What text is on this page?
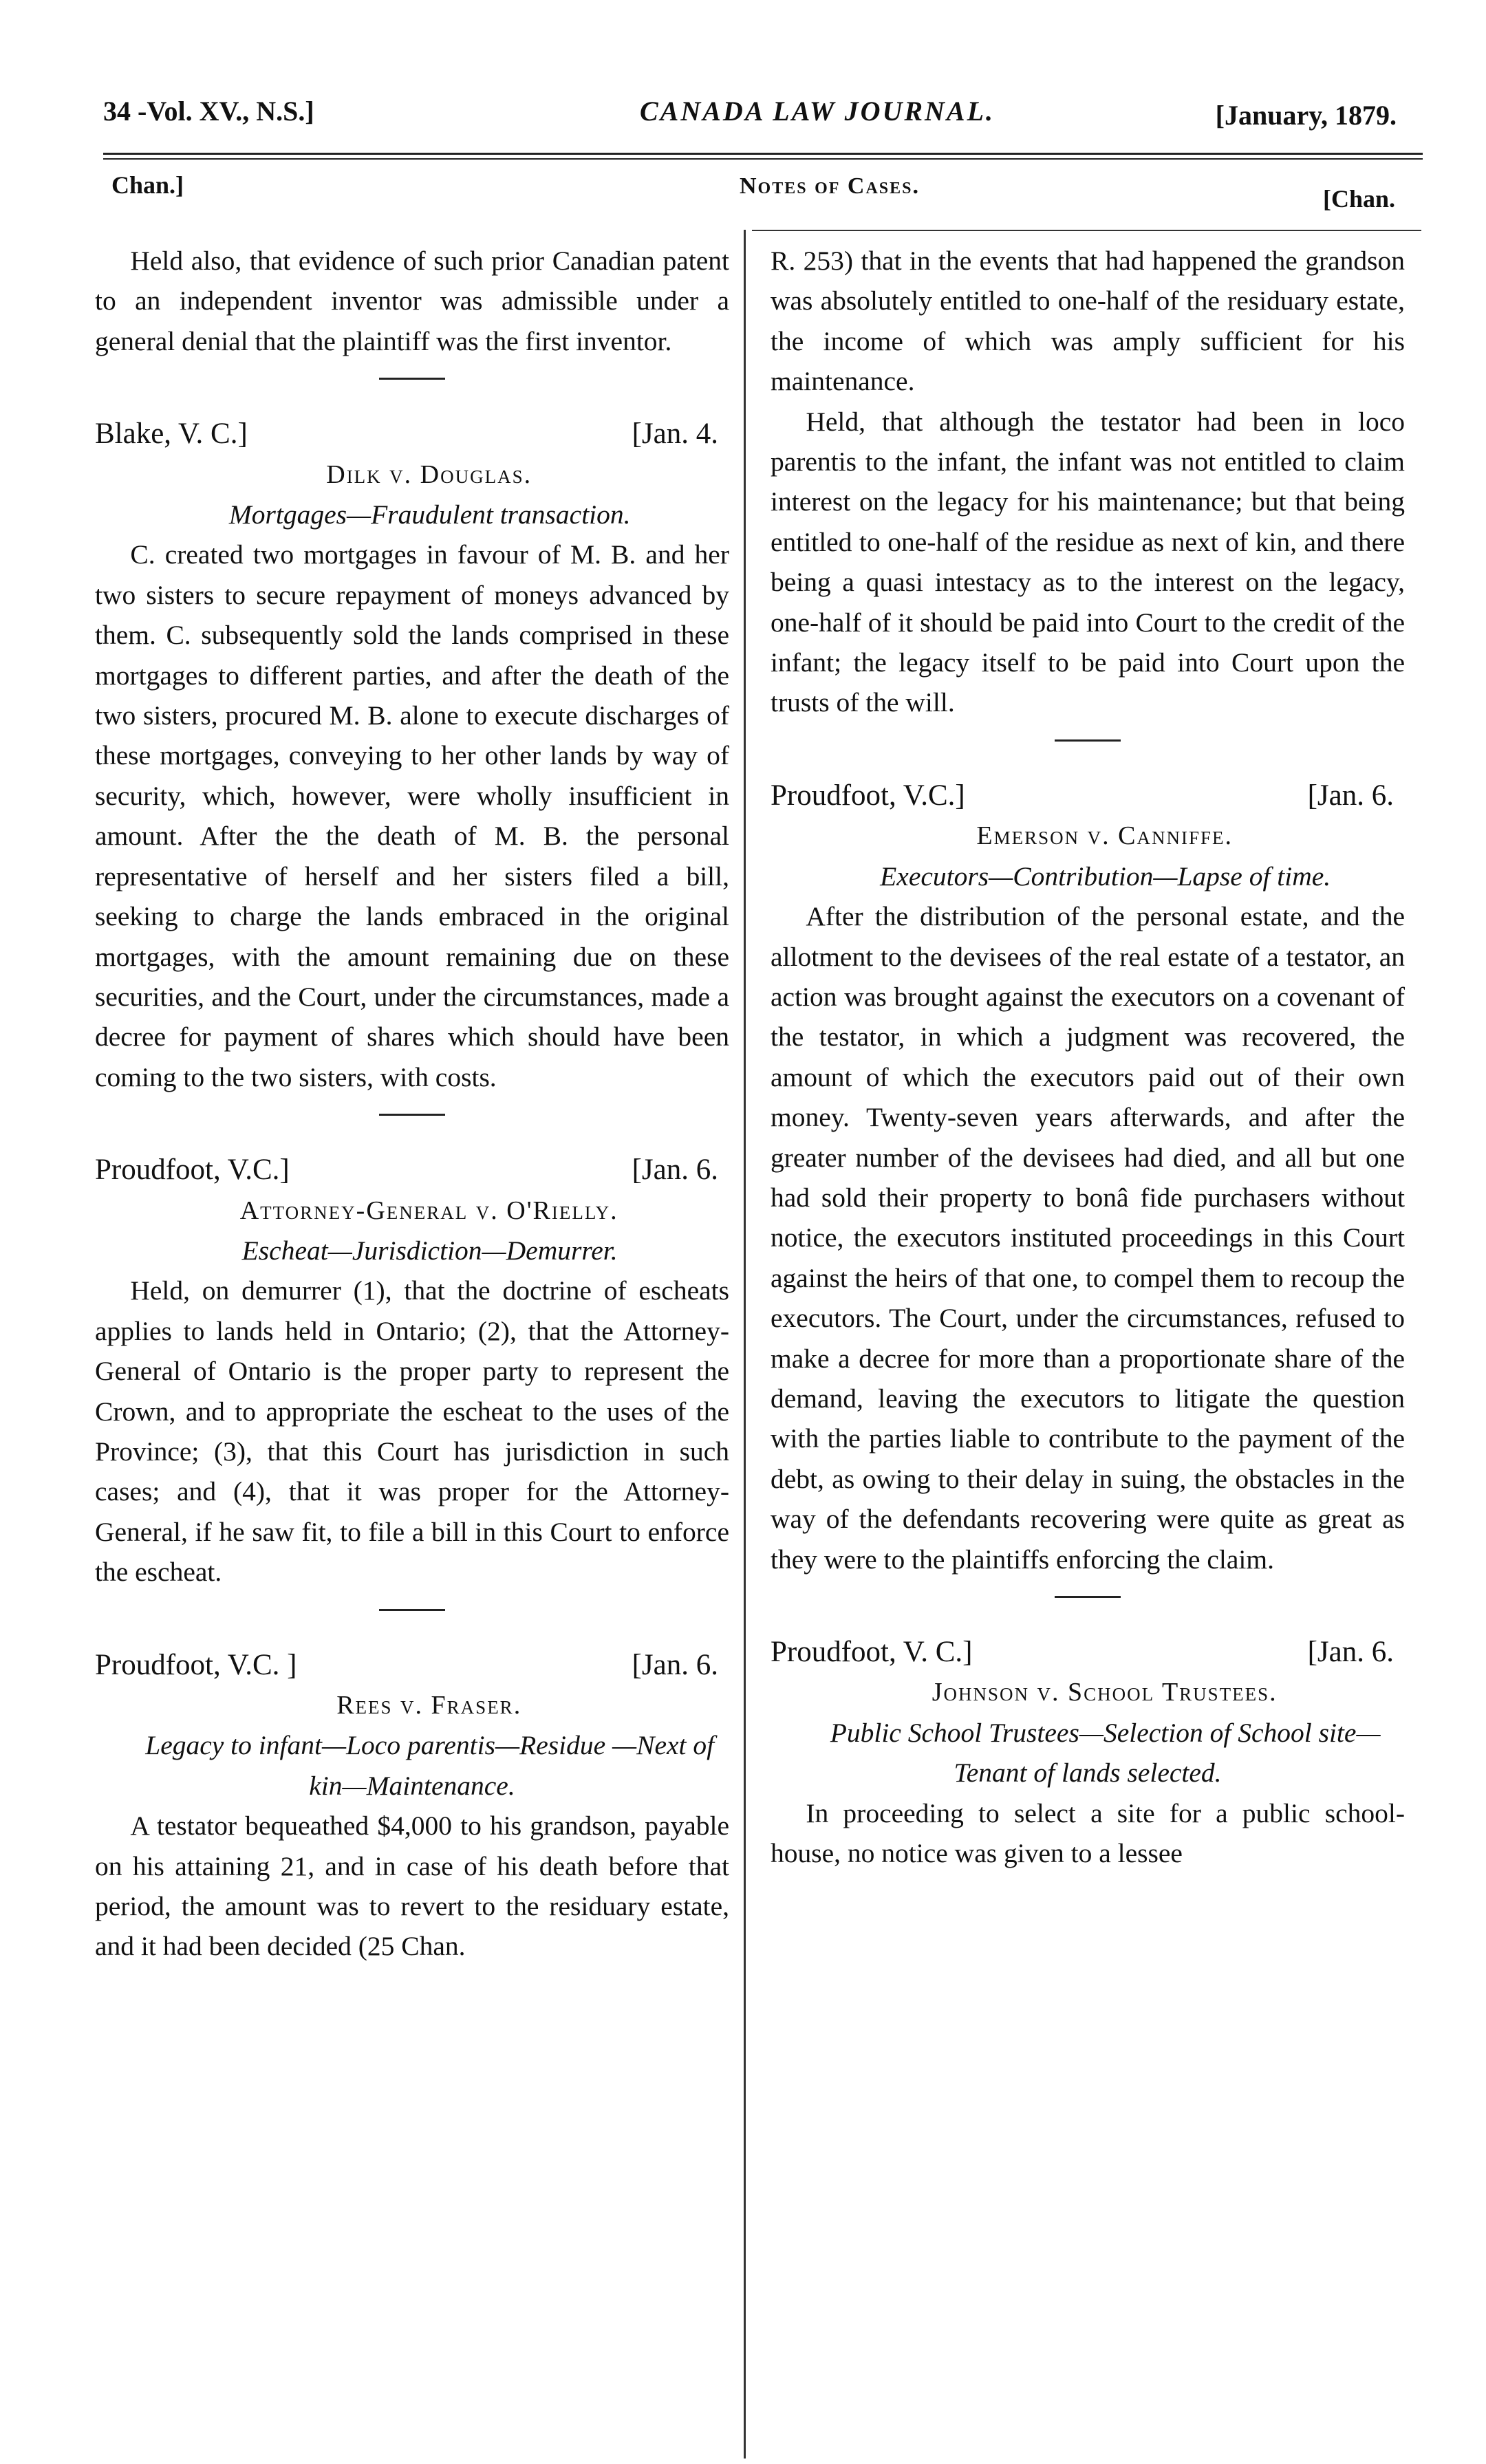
34 -Vol. XV., N.S.]	CANADA LAW JOURNAL.	[January, 1879.
Chan.]	Notes of Cases.	[Chan.

Held also, that evidence of such prior Canadian patent to an independent inventor was admissible under a general denial that the plaintiff was the first inventor.

Blake, V. C.]	[Jan. 4.

Dilk v. Douglas.

Mortgages—Fraudulent transaction.

C. created two mortgages in favour of M. B. and her two sisters to secure repayment of moneys advanced by them. C. subsequently sold the lands comprised in these mortgages to different parties, and after the death of the two sisters, procured M. B. alone to execute discharges of these mortgages, conveying to her other lands by way of security, which, however, were wholly insufficient in amount. After the the death of M. B. the personal representative of herself and her sisters filed a bill, seeking to charge the lands embraced in the original mortgages, with the amount remaining due on these securities, and the Court, under the circumstances, made a decree for payment of shares which should have been coming to the two sisters, with costs.

Proudfoot, V.C.]	[Jan. 6.

Attorney-General v. O'Rielly.

Escheat—Jurisdiction—Demurrer.

Held, on demurrer (1), that the doctrine of escheats applies to lands held in Ontario; (2), that the Attorney-General of Ontario is the proper party to represent the Crown, and to appropriate the escheat to the uses of the Province; (3), that this Court has jurisdiction in such cases; and (4), that it was proper for the Attorney-General, if he saw fit, to file a bill in this Court to enforce the escheat.

Proudfoot, V.C. ]	[Jan. 6.

Rees v. Fraser.

Legacy to infant—Loco parentis—Residue —Next of kin—Maintenance.

A testator bequeathed $4,000 to his grandson, payable on his attaining 21, and in case of his death before that period, the amount was to revert to the residuary estate, and it had been decided (25 Chan.

R. 253) that in the events that had happened the grandson was absolutely entitled to one-half of the residuary estate, the income of which was amply sufficient for his maintenance.

Held, that although the testator had been in loco parentis to the infant, the infant was not entitled to claim interest on the legacy for his maintenance; but that being entitled to one-half of the residue as next of kin, and there being a quasi intestacy as to the interest on the legacy, one-half of it should be paid into Court to the credit of the infant; the legacy itself to be paid into Court upon the trusts of the will.

Proudfoot, V.C.]	[Jan. 6.

Emerson v. Canniffe.

Executors—Contribution—Lapse of time.

After the distribution of the personal estate, and the allotment to the devisees of the real estate of a testator, an action was brought against the executors on a covenant of the testator, in which a judgment was recovered, the amount of which the executors paid out of their own money. Twenty-seven years afterwards, and after the greater number of the devisees had died, and all but one had sold their property to bonâ fide purchasers without notice, the executors instituted proceedings in this Court against the heirs of that one, to compel them to recoup the executors. The Court, under the circumstances, refused to make a decree for more than a proportionate share of the demand, leaving the executors to litigate the question with the parties liable to contribute to the payment of the debt, as owing to their delay in suing, the obstacles in the way of the defendants recovering were quite as great as they were to the plaintiffs enforcing the claim.

Proudfoot, V. C.]	[Jan. 6.

Johnson v. School Trustees.

Public School Trustees—Selection of School site—Tenant of lands selected.

In proceeding to select a site for a public school-house, no notice was given to a lessee
